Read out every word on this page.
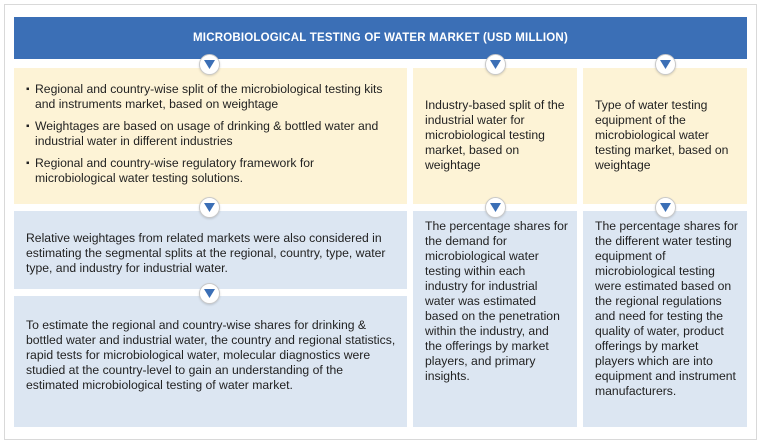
MICROBIOLOGICAL TESTING OF WATER MARKET (USD MILLION)
▪ Regional and country-wise split of the microbiological testing kits and instruments market, based on weightage
▪ Weightages are based on usage of drinking & bottled water and industrial water in different industries
▪ Regional and country-wise regulatory framework for microbiological water testing solutions.
Relative weightages from related markets were also considered in estimating the segmental splits at the regional, country, type, water type, and industry for industrial water.
To estimate the regional and country-wise shares for drinking & bottled water and industrial water, the country and regional statistics, rapid tests for microbiological water, molecular diagnostics were studied at the country-level to gain an understanding of the estimated microbiological testing of water market.
Industry-based split of the industrial water for microbiological testing market, based on weightage
The percentage shares for the demand for microbiological water testing within each industry for industrial water was estimated based on the penetration within the industry, and the offerings by market players, and primary insights.
Type of water testing equipment of the microbiological water testing market, based on weightage
The percentage shares for the different water testing equipment of microbiological testing were estimated based on the regional regulations and need for testing the quality of water, product offerings by market players which are into equipment and instrument manufacturers.
